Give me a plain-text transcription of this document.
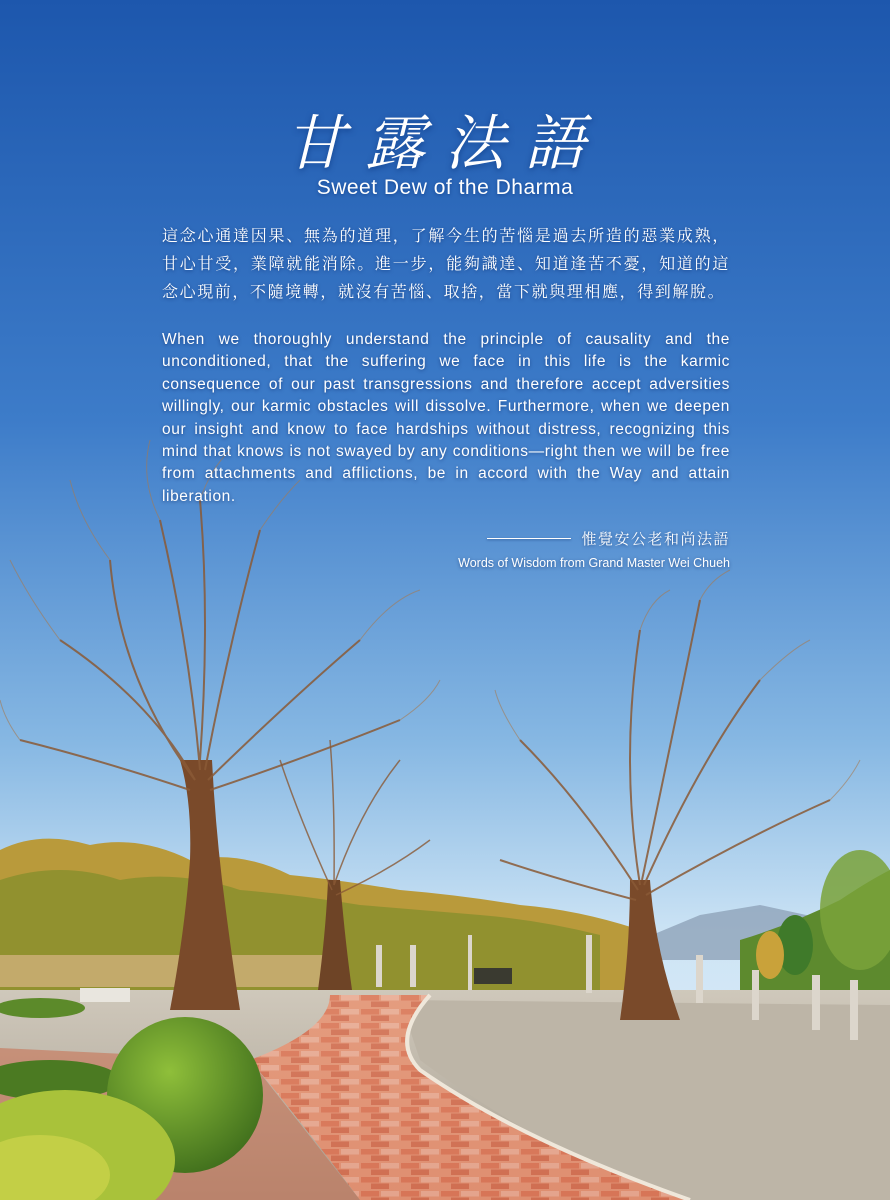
甘露法語
Sweet Dew of the Dharma
這念心通達因果、無為的道理，了解今生的苦惱是過去所造的惡業成熟，甘心甘受，業障就能消除。進一步，能夠識達、知道逢苦不憂，知道的這念心現前，不隨境轉，就沒有苦惱、取捨，當下就與理相應，得到解脫。
When we thoroughly understand the principle of causality and the unconditioned, that the suffering we face in this life is the karmic consequence of our past transgressions and therefore accept adversities willingly, our karmic obstacles will dissolve. Furthermore, when we deepen our insight and know to face hardships without distress, recognizing this mind that knows is not swayed by any conditions—right then we will be free from attachments and afflictions, be in accord with the Way and attain liberation.
惟覺安公老和尚法語
Words of Wisdom from Grand Master Wei Chueh
